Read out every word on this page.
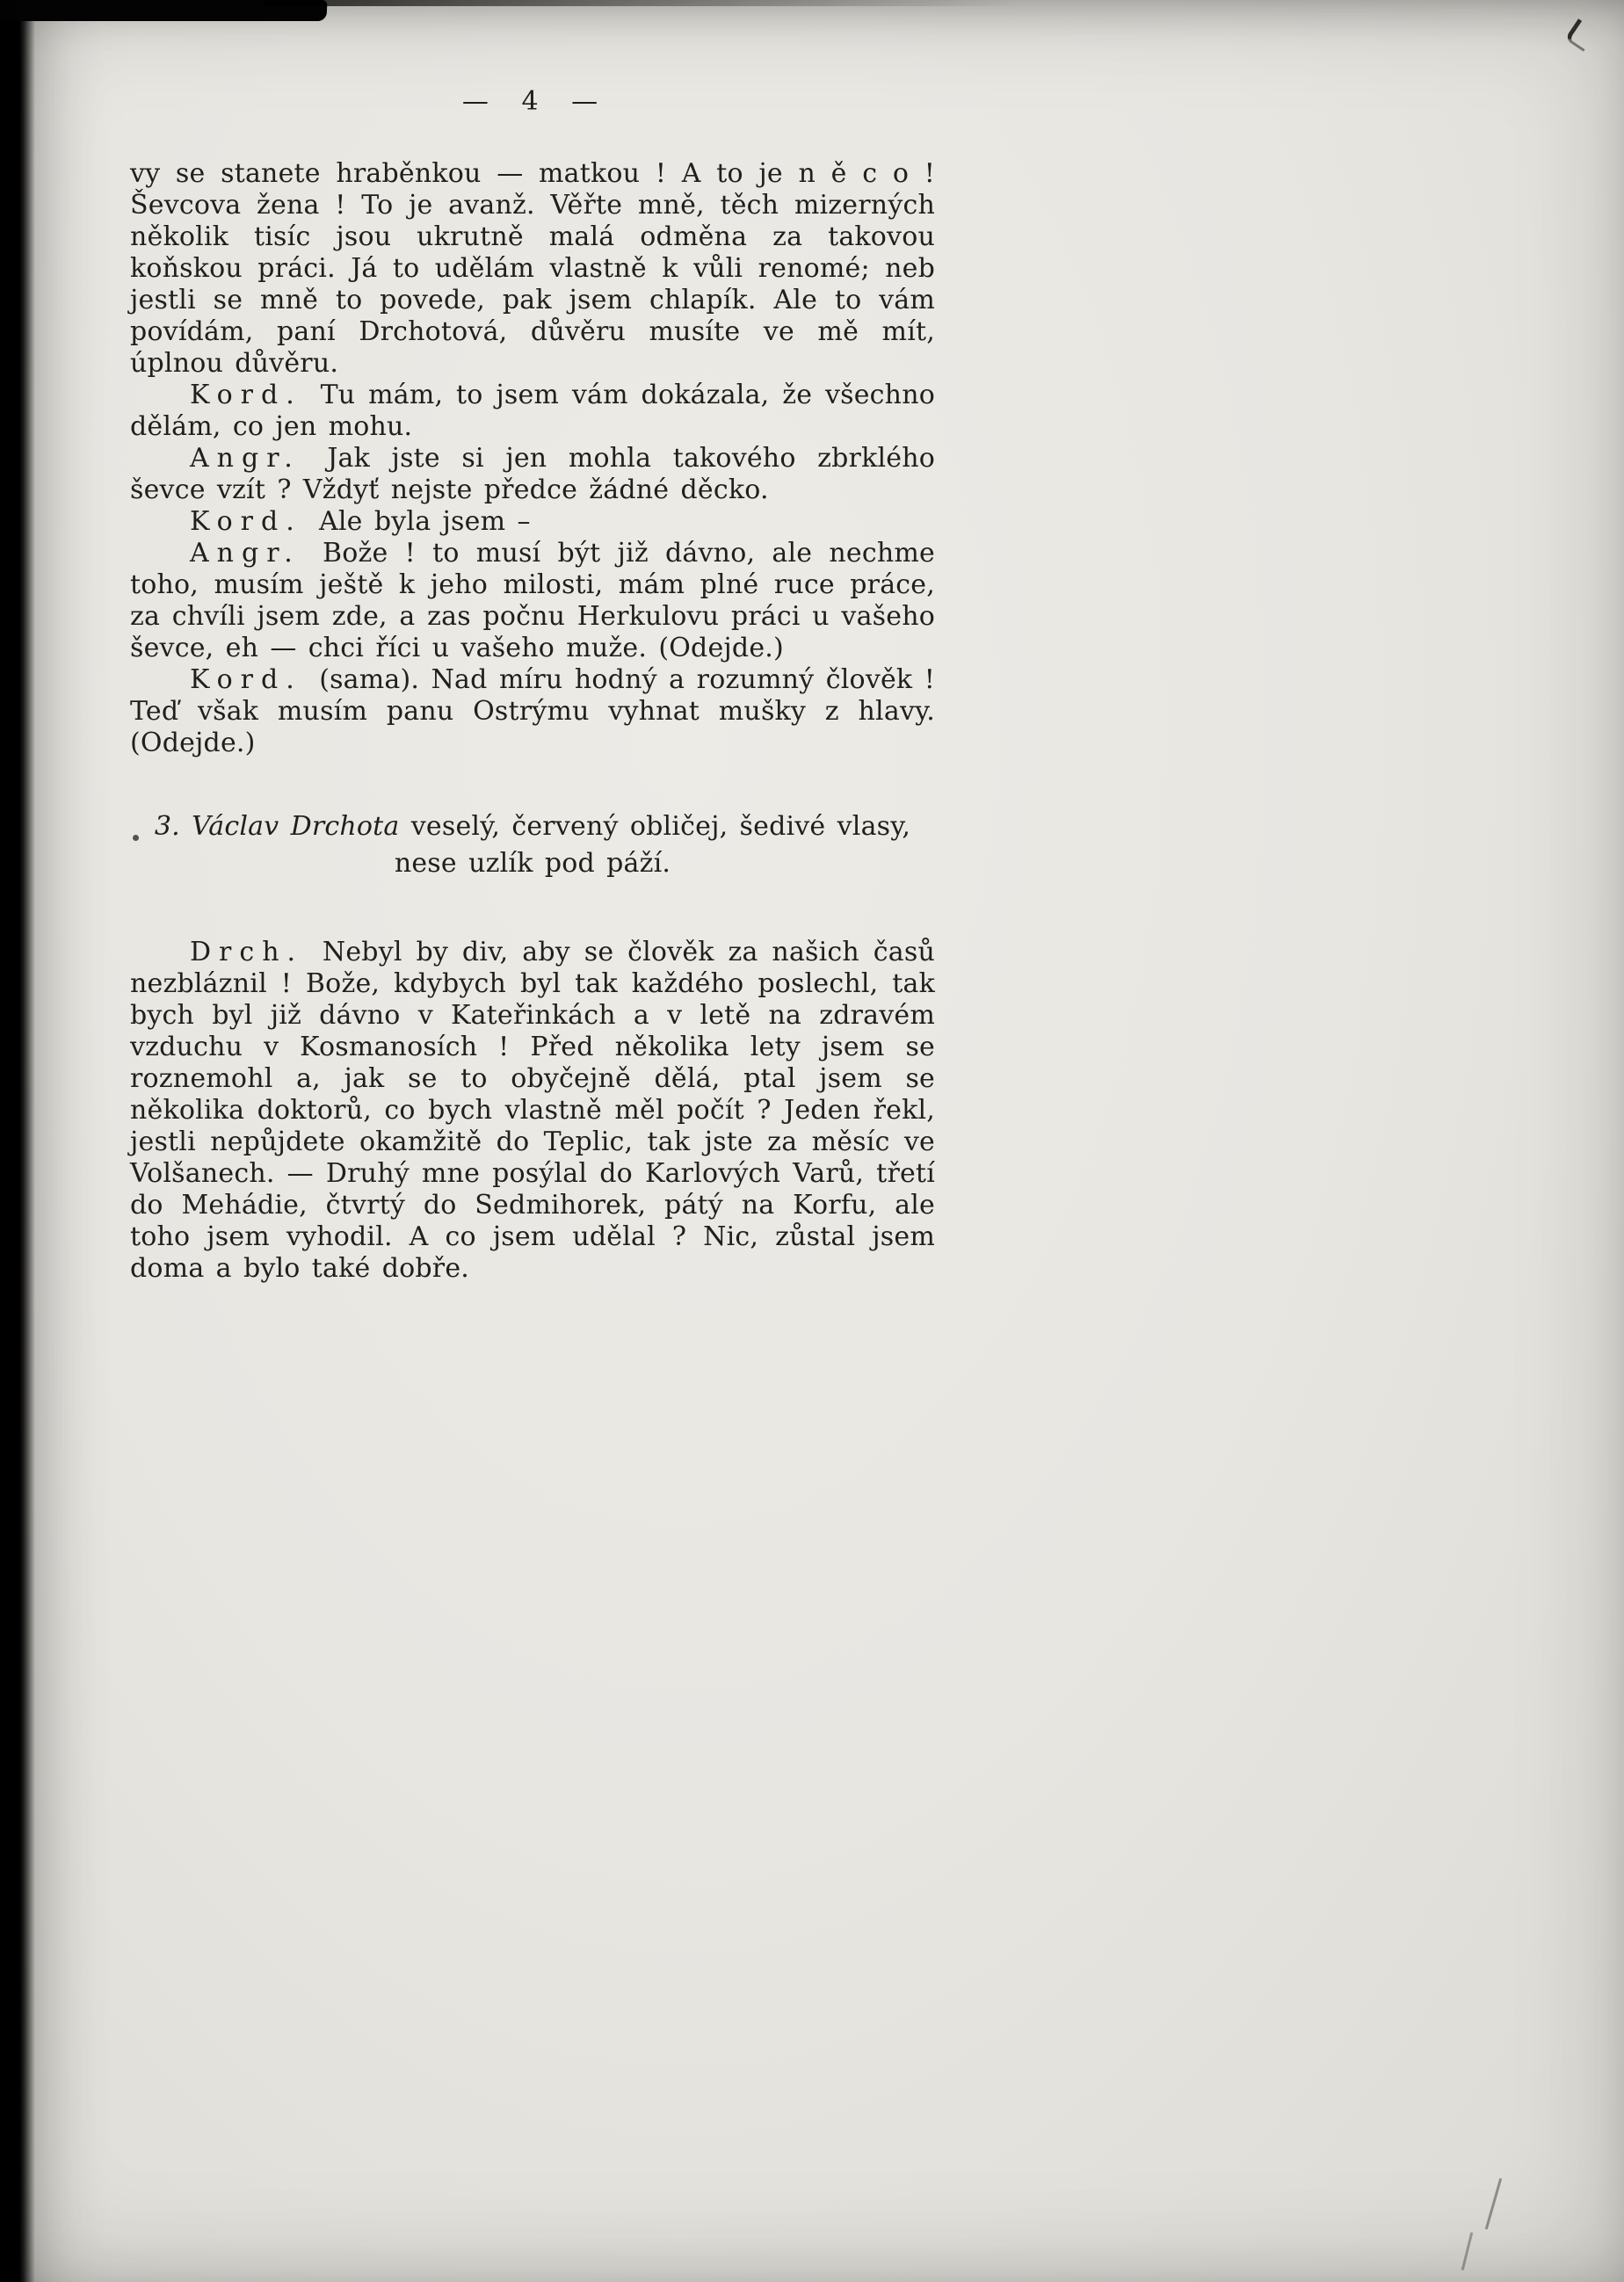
— 4 —

vy se stanete hraběnkou — matkou ! A to je n ě c o ! Ševcova žena ! To je avanž. Věřte mně, těch mizerných několik tisíc jsou ukrutně malá odměna za takovou koňskou práci. Já to udělám vlastně k vůli renomé; neb jestli se mně to povede, pak jsem chlapík. Ale to vám povídám, paní Drchotová, důvěru musíte ve mě mít, úplnou důvěru.

Kord. Tu mám, to jsem vám dokázala, že všechno dělám, co jen mohu.

Angr. Jak jste si jen mohla takového zbrklého ševce vzít ? Vždyť nejste předce žádné děcko.

Kord. Ale byla jsem –

Angr. Bože ! to musí být již dávno, ale nechme toho, musím ještě k jeho milosti, mám plné ruce práce, za chvíli jsem zde, a zas počnu Herkulovu práci u vašeho ševce, eh — chci říci u vašeho muže. (Odejde.)

Kord. (sama). Nad míru hodný a rozumný člověk ! Teď však musím panu Ostrýmu vyhnat mušky z hlavy. (Odejde.)

3. Václav Drchota veselý, červený obličej, šedivé vlasy,
nese uzlík pod páží.

Drch. Nebyl by div, aby se člověk za našich časů nezbláznil ! Bože, kdybych byl tak každého poslechl, tak bych byl již dávno v Kateřinkách a v letě na zdravém vzduchu v Kosmanosích ! Před několika lety jsem se roznemohl a, jak se to obyčejně dělá, ptal jsem se několika doktorů, co bych vlastně měl počít ? Jeden řekl, jestli nepůjdete okamžitě do Teplic, tak jste za měsíc ve Volšanech. — Druhý mne posýlal do Karlových Varů, třetí do Mehádie, čtvrtý do Sedmihorek, pátý na Korfu, ale toho jsem vyhodil. A co jsem udělal ? Nic, zůstal jsem doma a bylo také dobře.
